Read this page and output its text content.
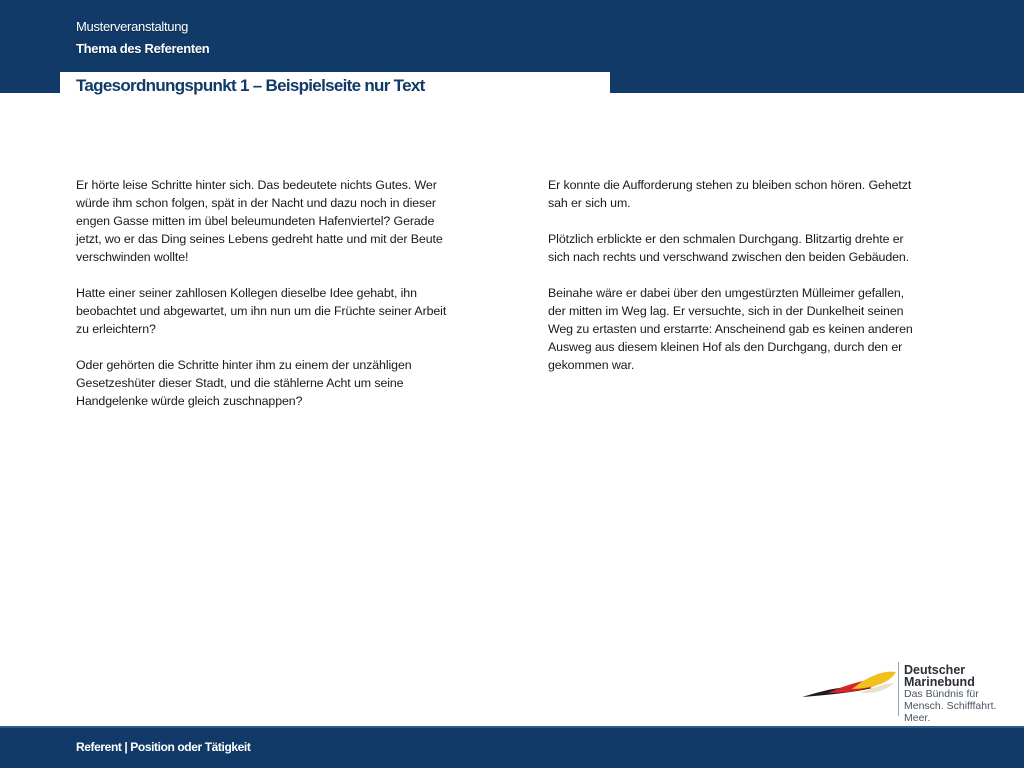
Musterveranstaltung
Thema des Referenten
Tagesordnungspunkt 1 – Beispielseite nur Text

Er hörte leise Schritte hinter sich. Das bedeutete nichts Gutes. Wer würde ihm schon folgen, spät in der Nacht und dazu noch in dieser engen Gasse mitten im übel beleumundeten Hafenviertel? Gerade jetzt, wo er das Ding seines Lebens gedreht hatte und mit der Beute verschwinden wollte!

Hatte einer seiner zahllosen Kollegen dieselbe Idee gehabt, ihn beobachtet und abgewartet, um ihn nun um die Früchte seiner Arbeit zu erleichtern?

Oder gehörten die Schritte hinter ihm zu einem der unzähligen Gesetzeshüter dieser Stadt, und die stählerne Acht um seine Handgelenke würde gleich zuschnappen?

Er konnte die Aufforderung stehen zu bleiben schon hören. Gehetzt sah er sich um.

Plötzlich erblickte er den schmalen Durchgang. Blitzartig drehte er sich nach rechts und verschwand zwischen den beiden Gebäuden.

Beinahe wäre er dabei über den umgestürzten Mülleimer gefallen, der mitten im Weg lag. Er versuchte, sich in der Dunkelheit seinen Weg zu ertasten und erstarrte: Anscheinend gab es keinen anderen Ausweg aus diesem kleinen Hof als den Durchgang, durch den er gekommen war.

Deutscher
Marinebund
Das Bündnis für
Mensch. Schifffahrt. Meer.
Referent | Position oder Tätigkeit
